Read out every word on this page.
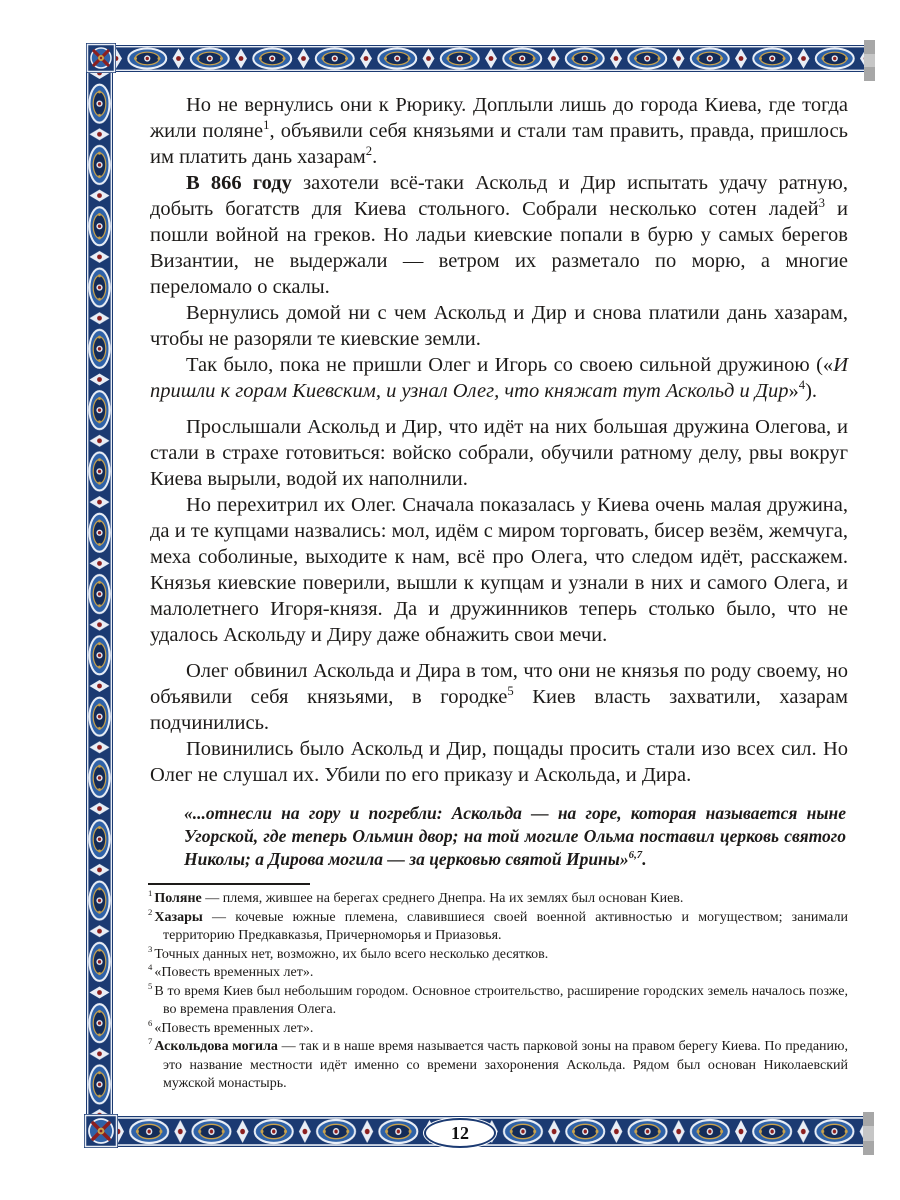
12

Но не вернулись они к Рюрику. Доплыли лишь до города Киева, где тогда жили поляне$^1$, объявили себя князьями и стали там править, правда, пришлось им платить дань хазарам$^2$.

В 866 году захотели всё-таки Аскольд и Дир испытать удачу ратную, добыть богатств для Киева стольного. Собрали несколько сотен ладей$^3$ и пошли войной на греков. Но ладьи киевские попали в бурю у самых берегов Византии, не выдержали — ветром их разметало по морю, а многие переломало о скалы.

Вернулись домой ни с чем Аскольд и Дир и снова платили дань хазарам, чтобы не разоряли те киевские земли.

Так было, пока не пришли Олег и Игорь со своею сильной дружиною («И пришли к горам Киевским, и узнал Олег, что княжат тут Аскольд и Дир»$^4$).

Прослышали Аскольд и Дир, что идёт на них большая дружина Олегова, и стали в страхе готовиться: войско собрали, обучили ратному делу, рвы вокруг Киева вырыли, водой их наполнили.

Но перехитрил их Олег. Сначала показалась у Киева очень малая дружина, да и те купцами назвались: мол, идём с миром торговать, бисер везём, жемчуга, меха соболиные, выходите к нам, всё про Олега, что следом идёт, расскажем. Князья киевские поверили, вышли к купцам и узнали в них и самого Олега, и малолетнего Игоря-князя. Да и дружинников теперь столько было, что не удалось Аскольду и Диру даже обнажить свои мечи.

Олег обвинил Аскольда и Дира в том, что они не князья по роду своему, но объявили себя князьями, в городке$^5$ Киев власть захватили, хазарам подчинились.

Повинились было Аскольд и Дир, пощады просить стали изо всех сил. Но Олег не слушал их. Убили по его приказу и Аскольда, и Дира.

«...отнесли на гору и погребли: Аскольда — на горе, которая называется ныне Угорской, где теперь Ольмин двор; на той могиле Ольма поставил церковь святого Николы; а Дирова могила — за церковью святой Ирины»$^{6,7}$.
$^1$ Поляне — племя, жившее на берегах среднего Днепра. На их землях был основан Киев.
$^2$ Хазары — кочевые южные племена, славившиеся своей военной активностью и могуществом; занимали территорию Предкавказья, Причерноморья и Приазовья.
$^3$ Точных данных нет, возможно, их было всего несколько десятков.
$^4$ «Повесть временных лет».
$^5$ В то время Киев был небольшим городом. Основное строительство, расширение городских земель началось позже, во времена правления Олега.
$^6$ «Повесть временных лет».
$^7$ Аскольдова могила — так и в наше время называется часть парковой зоны на правом берегу Киева. По преданию, это название местности идёт именно со времени захоронения Аскольда. Рядом был основан Николаевский мужской монастырь.
